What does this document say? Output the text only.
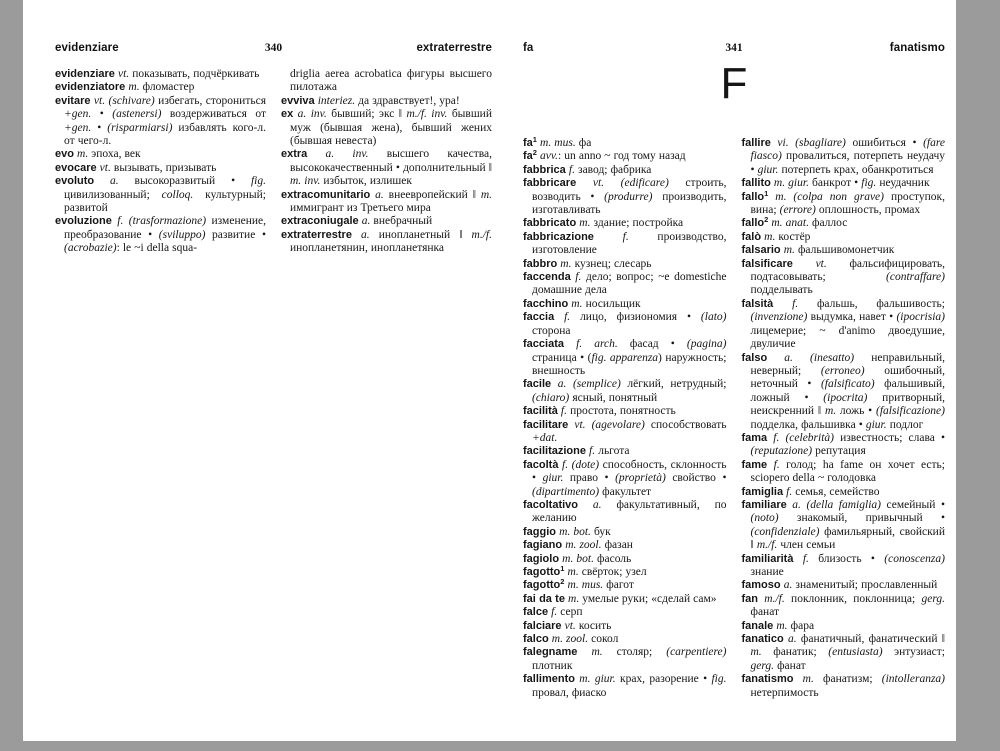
evidenziare	340	extraterrestre
evidenziare vt. показывать, подчёркивать
evidenziatore m. фломастер
evitare vt. (schivare) избегать, сторониться +gen. • (astenersi) воздерживаться от +gen. • (risparmiarsi) избавлять кого-л. от чего-л.
evo m. эпоха, век
evocare vt. вызывать, призывать
evoluto a. высокоразвитый • fig. цивилизованный; colloq. культурный; развитой
evoluzione f. (trasformazione) изменение, преобразование • (sviluppo) развитие • (acrobazie): le ~i della squa-
driglia aerea acrobatica фигуры высшего пилотажа
evviva interiez. да здравствует!, ура!
ex a. inv. бывший; экс ‖ m./f. inv. бывший муж (бывшая жена), бывший жених (бывшая невеста)
extra a. inv. высшего качества, высококачественный • дополнительный ‖ m. inv. избыток, излишек
extracomunitario a. внеевропейский ‖ m. иммигрант из Третьего мира
extraconiugale a. внебрачный
extraterrestre a. инопланетный ‖ m./f. инопланетянин, инопланетянка
fa	341	fanatismo
F
$fa^1$ m. mus. фа
$fa^2$ avv.: un anno ~ год тому назад
fabbrica f. завод; фабрика
fabbricare vt. (edificare) строить, возводить • (produrre) производить, изготавливать
fabbricato m. здание; постройка
fabbricazione f. производство, изготовление
fabbro m. кузнец; слесарь
faccenda f. дело; вопрос; ~e domestiche домашние дела
facchino m. носильщик
faccia f. лицо, физиономия • (lato) сторона
facciata f. arch. фасад • (pagina) страница • (fig. apparenza) наружность; внешность
facile a. (semplice) лёгкий, нетрудный; (chiaro) ясный, понятный
facilità f. простота, понятность
facilitare vt. (agevolare) способствовать +dat.
facilitazione f. льгота
facoltà f. (dote) способность, склонность • giur. право • (proprietà) свойство • (dipartimento) факультет
facoltativo a. факультативный, по желанию
faggio m. bot. бук
fagiano m. zool. фазан
fagiolo m. bot. фасоль
fagotto$^1$ m. свёрток; узел
fagotto$^2$ m. mus. фагот
fai da te m. умелые руки; «сделай сам»
falce f. серп
falciare vt. косить
falco m. zool. сокол
falegname m. столяр; (carpentiere) плотник
fallimento m. giur. крах, разорение • fig. провал, фиаско
fallire vi. (sbagliare) ошибиться • (fare fiasco) провалиться, потерпеть неудачу • giur. потерпеть крах, обанкротиться
fallito m. giur. банкрот • fig. неудачник
fallo$^1$ m. (colpa non grave) проступок, вина; (errore) оплошность, промах
fallo$^2$ m. anat. фаллос
falò m. костёр
falsario m. фальшивомонетчик
falsificare vt. фальсифицировать, подтасовывать; (contraffare) подделывать
falsità f. фальшь, фальшивость; (invenzione) выдумка, навет • (ipocrisia) лицемерие; ~ d'animo двоедушие, двуличие
falso a. (inesatto) неправильный, неверный; (erroneo) ошибочный, неточный • (falsificato) фальшивый, ложный • (ipocrita) притворный, неискренний ‖ m. ложь • (falsificazione) подделка, фальшивка • giur. подлог
fama f. (celebrità) известность; слава • (reputazione) репутация
fame f. голод; ha fame он хочет есть; sciopero della ~ голодовка
famiglia f. семья, семейство
familiare a. (della famiglia) семейный • (noto) знакомый, привычный • (confidenziale) фамильярный, свойский ‖ m./f. член семьи
familiarità f. близость • (conoscenza) знание
famoso a. знаменитый; прославленный
fan m./f. поклонник, поклонница; gerg. фанат
fanale m. фара
fanatico a. фанатичный, фанатический ‖ m. фанатик; (entusiasta) энтузиаст; gerg. фанат
fanatismo m. фанатизм; (intolleranza) нетерпимость
